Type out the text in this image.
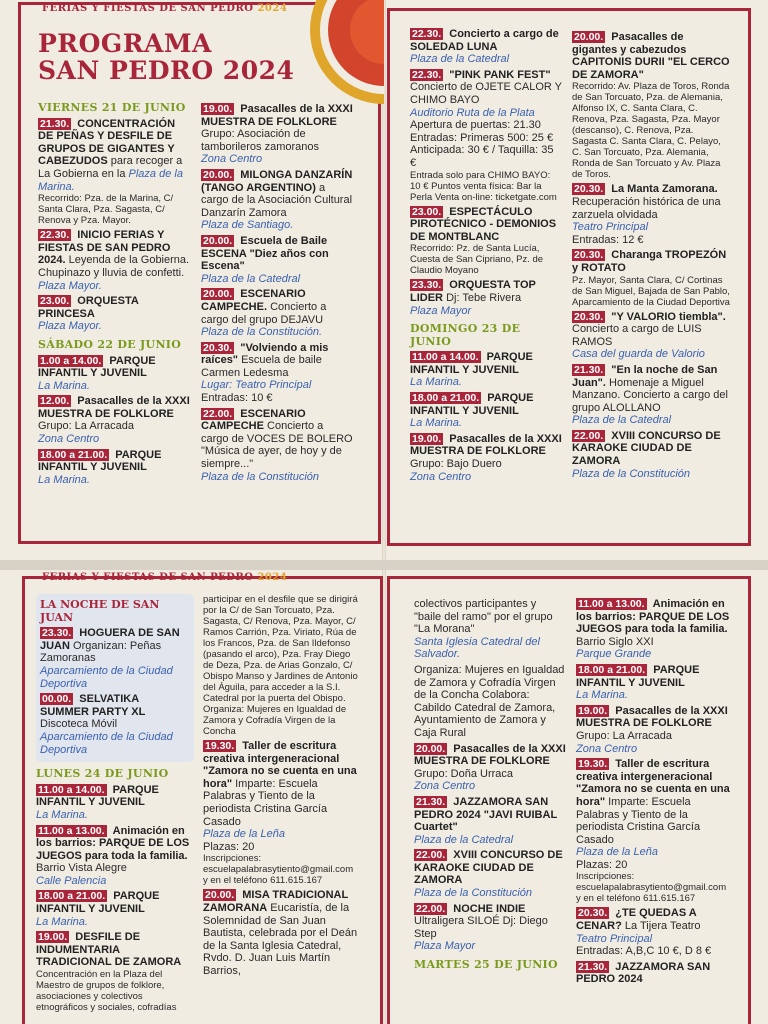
FERIAS Y FIESTAS DE SAN PEDRO 2024
PROGRAMA
SAN PEDRO 2024
VIERNES 21 DE JUNIO
21.30. CONCENTRACIÓN DE PEÑAS Y DESFILE DE GRUPOS DE GIGANTES Y CABEZUDOS para recoger a La Gobierna en la Plaza de la Marina.
Recorrido: Pza. de la Marina, C/ Santa Clara, Pza. Sagasta, C/ Renova y Pza. Mayor.
22.30. INICIO FERIAS Y FIESTAS DE SAN PEDRO 2024. Leyenda de la Gobierna. Chupinazo y lluvia de confetti.
Plaza Mayor.
23.00. ORQUESTA PRINCESA
Plaza Mayor.
SÁBADO 22 DE JUNIO
1.00 a 14.00. PARQUE INFANTIL Y JUVENIL
La Marina.
12.00. Pasacalles de la XXXI MUESTRA DE FOLKLORE Grupo: La Arracada
Zona Centro
18.00 a 21.00. PARQUE INFANTIL Y JUVENIL
La Marina.
19.00. Pasacalles de la XXXI MUESTRA DE FOLKLORE Grupo: Asociación de tamborileros zamoranos
Zona Centro
20.00. MILONGA DANZARÍN (TANGO ARGENTINO) a cargo de la Asociación Cultural Danzarín Zamora
Plaza de Santiago.
20.00. Escuela de Baile ESCENA "Diez años con Escena"
Plaza de la Catedral
20.00. ESCENARIO CAMPECHE. Concierto a cargo del grupo DEJAVU
Plaza de la Constitución.
20.30. "Volviendo a mis raíces" Escuela de baile Carmen Ledesma
Lugar: Teatro Principal
Entradas: 10 €
22.00. ESCENARIO CAMPECHE Concierto a cargo de VOCES DE BOLERO "Música de ayer, de hoy y de siempre..."
Plaza de la Constitución
22.30. Concierto a cargo de SOLEDAD LUNA
Plaza de la Catedral
22.30. "PINK PANK FEST" Concierto de OJETE CALOR Y CHIMO BAYO
Auditorio Ruta de la Plata
Apertura de puertas: 21.30 Entradas: Primeras 500: 25 € Anticipada: 30 € / Taquilla: 35 €
Entrada solo para CHIMO BAYO: 10 € Puntos venta física: Bar la Perla Venta on-line: ticketgate.com
23.00. ESPECTÁCULO PIROTÉCNICO - DEMONIOS DE MONTBLANC
Recorrido: Pz. de Santa Lucía, Cuesta de San Cipriano, Pz. de Claudio Moyano
23.30. ORQUESTA TOP LIDER Dj: Tebe Rivera
Plaza Mayor
DOMINGO 23 DE JUNIO
11.00 a 14.00. PARQUE INFANTIL Y JUVENIL
La Marina.
18.00 a 21.00. PARQUE INFANTIL Y JUVENIL
La Marina.
19.00. Pasacalles de la XXXI MUESTRA DE FOLKLORE Grupo: Bajo Duero
Zona Centro
20.00. Pasacalles de gigantes y cabezudos CAPITONIS DURII "EL CERCO DE ZAMORA"
Recorrido: Av. Plaza de Toros, Ronda de San Torcuato, Pza. de Alemania, Alfonso IX, C. Santa Clara, C. Renova, Pza. Sagasta, Pza. Mayor (descanso), C. Renova, Pza. Sagasta C. Santa Clara, C. Pelayo, C. San Torcuato, Pza. Alemania, Ronda de San Torcuato y Av. Plaza de Toros.
20.30. La Manta Zamorana. Recuperación histórica de una zarzuela olvidada
Teatro Principal
Entradas: 12 €
20.30. Charanga TROPEZÓN y ROTATO
Pz. Mayor, Santa Clara, C/ Cortinas de San Miguel, Bajada de San Pablo, Aparcamiento de la Ciudad Deportiva
20.30. "Y VALORIO tiembla". Concierto a cargo de LUIS RAMOS
Casa del guarda de Valorio
21.30. "En la noche de San Juan". Homenaje a Miguel Manzano. Concierto a cargo del grupo ALOLLANO
Plaza de la Catedral
22.00. XVIII CONCURSO DE KARAOKE CIUDAD DE ZAMORA
Plaza de la Constitución
FERIAS Y FIESTAS DE SAN PEDRO 2024
LA NOCHE DE SAN JUAN
23.30. HOGUERA DE SAN JUAN Organizan: Peñas Zamoranas
Aparcamiento de la Ciudad Deportiva
00.00. SELVATIKA SUMMER PARTY XL Discoteca Móvil
Aparcamiento de la Ciudad Deportiva
LUNES 24 DE JUNIO
11.00 a 14.00. PARQUE INFANTIL Y JUVENIL
La Marina.
11.00 a 13.00. Animación en los barrios: PARQUE DE LOS JUEGOS para toda la familia. Barrio Vista Alegre
Calle Palencia
18.00 a 21.00. PARQUE INFANTIL Y JUVENIL
La Marina.
19.00. DESFILE DE INDUMENTARIA TRADICIONAL DE ZAMORA
Concentración en la Plaza del Maestro de grupos de folklore, asociaciones y colectivos etnográficos y sociales, cofradías
participar en el desfile que se dirigirá por la C/ de San Torcuato, Pza. Sagasta, C/ Renova, Pza. Mayor, C/ Ramos Carrión, Pza. Viriato, Rúa de los Francos, Pza. de San Ildefonso (pasando el arco), Pza. Fray Diego de Deza, Pza. de Arias Gonzalo, C/ Obispo Manso y Jardines de Antonio del Águila, para acceder a la S.I. Catedral por la puerta del Obispo. Organiza: Mujeres en Igualdad de Zamora y Cofradía Virgen de la Concha
19.30. Taller de escritura creativa intergeneracional "Zamora no se cuenta en una hora" Imparte: Escuela Palabras y Tiento de la periodista Cristina García Casado
Plaza de la Leña
Plazas: 20
Inscripciones: escuelapalabrasytiento@gmail.com y en el teléfono 611.615.167
20.00. MISA TRADICIONAL ZAMORANA Eucaristía, de la Solemnidad de San Juan Bautista, celebrada por el Deán de la Santa Iglesia Catedral, Rvdo. D. Juan Luis Martín Barrios,
colectivos participantes y "baile del ramo" por el grupo "La Morana"
Santa Iglesia Catedral del Salvador.
Organiza: Mujeres en Igualdad de Zamora y Cofradía Virgen de la Concha Colabora: Cabildo Catedral de Zamora, Ayuntamiento de Zamora y Caja Rural
20.00. Pasacalles de la XXXI MUESTRA DE FOLKLORE Grupo: Doña Urraca
Zona Centro
21.30. JAZZAMORA SAN PEDRO 2024 "JAVI RUIBAL Cuartet"
Plaza de la Catedral
22.00. XVIII CONCURSO DE KARAOKE CIUDAD DE ZAMORA
Plaza de la Constitución
22.00. NOCHE INDIE Ultraligera SILOÉ Dj: Diego Step
Plaza Mayor
MARTES 25 DE JUNIO
11.00 a 13.00. Animación en los barrios: PARQUE DE LOS JUEGOS para toda la familia. Barrio Siglo XXI
Parque Grande
18.00 a 21.00. PARQUE INFANTIL Y JUVENIL
La Marina.
19.00. Pasacalles de la XXXI MUESTRA DE FOLKLORE Grupo: La Arracada
Zona Centro
19.30. Taller de escritura creativa intergeneracional "Zamora no se cuenta en una hora" Imparte: Escuela Palabras y Tiento de la periodista Cristina García Casado
Plaza de la Leña
Plazas: 20
Inscripciones: escuelapalabrasytiento@gmail.com y en el teléfono 611.615.167
20.30. ¿TE QUEDAS A CENAR? La Tijera Teatro
Teatro Principal
Entradas: A,B,C 10 €, D 8 €
21.30. JAZZAMORA SAN PEDRO 2024
